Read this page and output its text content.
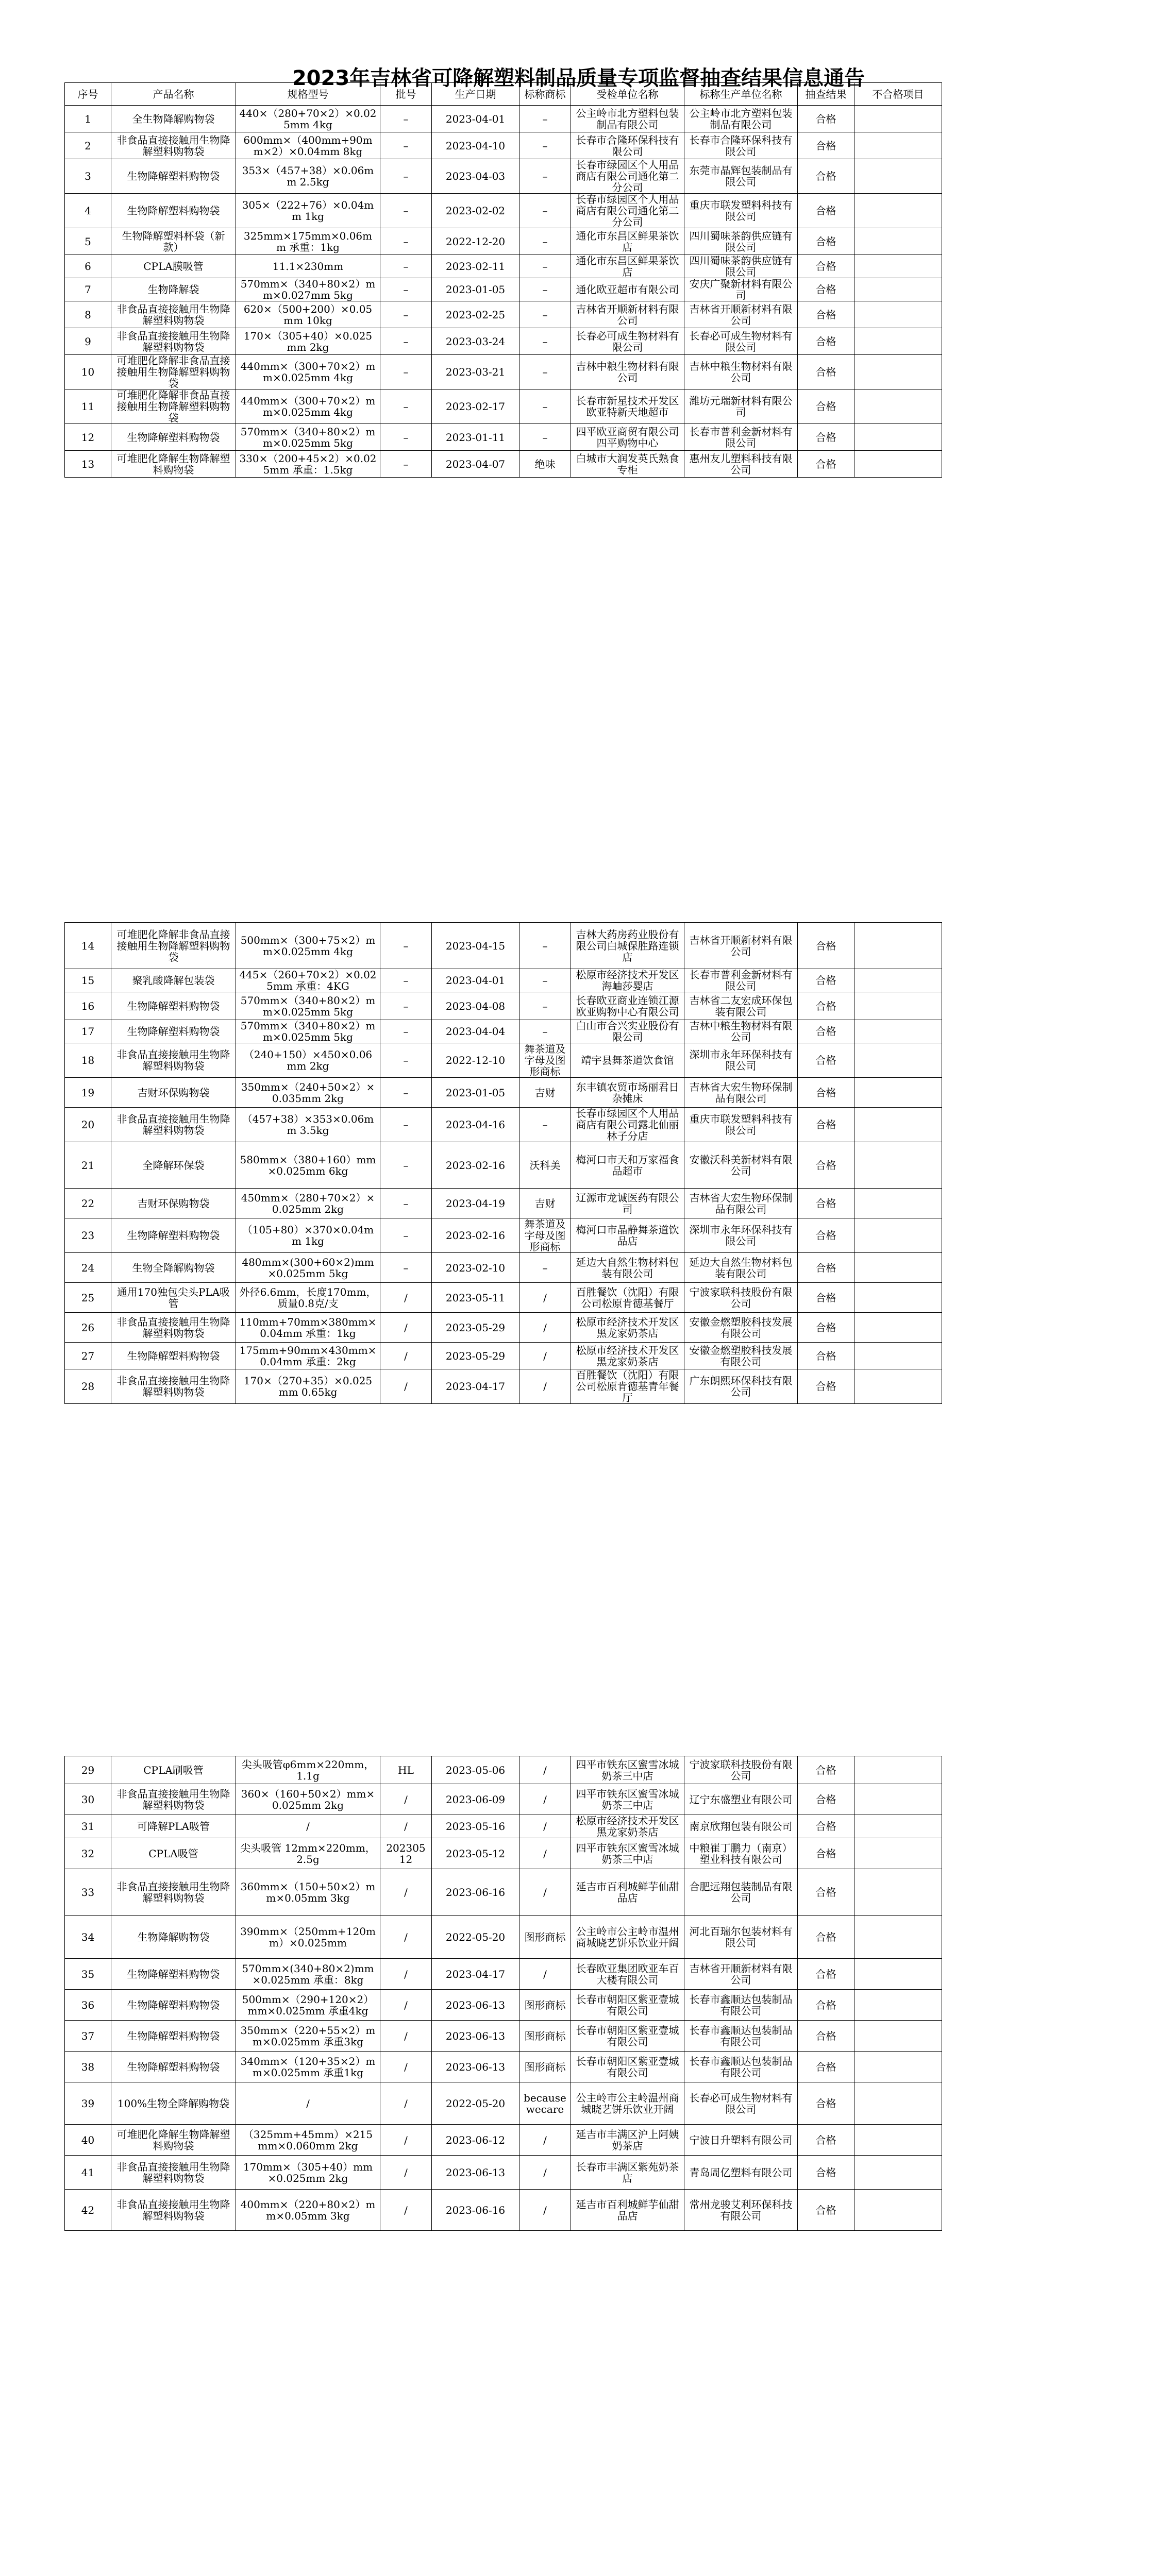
2023年吉林省可降解塑料制品质量专项监督抽查结果信息通告
序号	产品名称	规格型号	批号	生产日期	标称商标	受检单位名称	标称生产单位名称	抽查结果	不合格项目
1	全生物降解购物袋	440×（280+70×2）×0.025mm 4kg	–	2023-04-01	–	公主岭市北方塑料包装制品有限公司	公主岭市北方塑料包装制品有限公司	合格	
2	非食品直接接触用生物降解塑料购物袋	600mm×（400mm+90mm×2）×0.04mm 8kg	–	2023-04-10	–	长春市合隆环保科技有限公司	长春市合隆环保科技有限公司	合格	
3	生物降解塑料购物袋	353×（457+38）×0.06mm 2.5kg	–	2023-04-03	–	长春市绿园区个人用品商店有限公司通化第二分公司	东莞市晶辉包装制品有限公司	合格	
4	生物降解塑料购物袋	305×（222+76）×0.04mm 1kg	–	2023-02-02	–	长春市绿园区个人用品商店有限公司通化第二分公司	重庆市联发塑料科技有限公司	合格	
5	生物降解塑料杯袋（新款）	325mm×175mm×0.06mm 承重：1kg	–	2022-12-20	–	通化市东昌区鲜果茶饮店	四川蜀味茶韵供应链有限公司	合格	
6	CPLA膜吸管	11.1×230mm	–	2023-02-11	–	通化市东昌区鲜果茶饮店	四川蜀味茶韵供应链有限公司	合格	
7	生物降解袋	570mm×（340+80×2）mm×0.027mm 5kg	–	2023-01-05	–	通化欧亚超市有限公司	安庆广聚新材料有限公司	合格	
8	非食品直接接触用生物降解塑料购物袋	620×（500+200）×0.05mm 10kg	–	2023-02-25	–	吉林省开顺新材料有限公司	吉林省开顺新材料有限公司	合格	
9	非食品直接接触用生物降解塑料购物袋	170×（305+40）×0.025mm 2kg	–	2023-03-24	–	长春必可成生物材料有限公司	长春必可成生物材料有限公司	合格	
10	可堆肥化降解非食品直接接触用生物降解塑料购物袋	440mm×（300+70×2）mm×0.025mm 4kg	–	2023-03-21	–	吉林中粮生物材料有限公司	吉林中粮生物材料有限公司	合格	
11	可堆肥化降解非食品直接接触用生物降解塑料购物袋	440mm×（300+70×2）mm×0.025mm 4kg	–	2023-02-17	–	长春市新星技术开发区欧亚特新天地超市	潍坊元瑞新材料有限公司	合格	
12	生物降解塑料购物袋	570mm×（340+80×2）mm×0.025mm 5kg	–	2023-01-11	–	四平欧亚商贸有限公司四平购物中心	长春市普利金新材料有限公司	合格	
13	可堆肥化降解生物降解塑料购物袋	330×（200+45×2）×0.025mm 承重：1.5kg	–	2023-04-07	绝味	白城市大润发英氏熟食专柜	惠州友儿塑料科技有限公司	合格	
14	可堆肥化降解非食品直接接触用生物降解塑料购物袋	500mm×（300+75×2）mm×0.025mm 4kg	–	2023-04-15	–	吉林大药房药业股份有限公司白城保胜路连锁店	吉林省开顺新材料有限公司	合格	
15	聚乳酸降解包装袋	445×（260+70×2）×0.025mm 承重：4KG	–	2023-04-01	–	松原市经济技术开发区海岫莎婴店	长春市普利金新材料有限公司	合格	
16	生物降解塑料购物袋	570mm×（340+80×2）mm×0.025mm 5kg	–	2023-04-08	–	长春欧亚商业连锁江源欧亚购物中心有限公司	吉林省二友宏成环保包装有限公司	合格	
17	生物降解塑料购物袋	570mm×（340+80×2）mm×0.025mm 5kg	–	2023-04-04	–	白山市合兴实业股份有限公司	吉林中粮生物材料有限公司	合格	
18	非食品直接接触用生物降解塑料购物袋	（240+150）×450×0.06mm 2kg	–	2022-12-10	舞茶道及字母及图形商标	靖宇县舞茶道饮食馆	深圳市永年环保科技有限公司	合格	
19	吉财环保购物袋	350mm×（240+50×2）×0.035mm 2kg	–	2023-01-05	吉财	东丰镇农贸市场丽君日杂摊床	吉林省大宏生物环保制品有限公司	合格	
20	非食品直接接触用生物降解塑料购物袋	（457+38）×353×0.06mm 3.5kg	–	2023-04-16	–	长春市绿园区个人用品商店有限公司露北仙丽林子分店	重庆市联发塑料科技有限公司	合格	
21	全降解环保袋	580mm×（380+160）mm×0.025mm 6kg	–	2023-02-16	沃科美	梅河口市天和万家福食品超市	安徽沃科美新材料有限公司	合格	
22	吉财环保购物袋	450mm×（280+70×2）×0.025mm 2kg	–	2023-04-19	吉财	辽源市龙诚医药有限公司	吉林省大宏生物环保制品有限公司	合格	
23	生物降解塑料购物袋	（105+80）×370×0.04mm 1kg	–	2023-02-16	舞茶道及字母及图形商标	梅河口市晶静舞茶道饮品店	深圳市永年环保科技有限公司	合格	
24	生物全降解购物袋	480mm×(300+60×2)mm×0.025mm 5kg	–	2023-02-10	–	延边大自然生物材料包装有限公司	延边大自然生物材料包装有限公司	合格	
25	通用170独包尖头PLA吸管	外径6.6mm，长度170mm，质量0.8克/支	/	2023-05-11	/	百胜餐饮（沈阳）有限公司松原肯德基餐厅	宁波家联科技股份有限公司	合格	
26	非食品直接接触用生物降解塑料购物袋	110mm+70mm×380mm×0.04mm 承重：1kg	/	2023-05-29	/	松原市经济技术开发区黑龙家奶茶店	安徽金燃塑胶科技发展有限公司	合格	
27	生物降解塑料购物袋	175mm+90mm×430mm×0.04mm 承重：2kg	/	2023-05-29	/	松原市经济技术开发区黑龙家奶茶店	安徽金燃塑胶科技发展有限公司	合格	
28	非食品直接接触用生物降解塑料购物袋	170×（270+35）×0.025mm 0.65kg	/	2023-04-17	/	百胜餐饮（沈阳）有限公司松原肯德基青年餐厅	广东朗熙环保科技有限公司	合格	
29	CPLA刷吸管	尖头吸管φ6mm×220mm，1.1g	HL	2023-05-06	/	四平市铁东区蜜雪冰城奶茶三中店	宁波家联科技股份有限公司	合格	
30	非食品直接接触用生物降解塑料购物袋	360×（160+50×2）mm×0.025mm 2kg	/	2023-06-09	/	四平市铁东区蜜雪冰城奶茶三中店	辽宁东盛塑业有限公司	合格	
31	可降解PLA吸管	/	/	2023-05-16	/	松原市经济技术开发区黑龙家奶茶店	南京欣翔包装有限公司	合格	
32	CPLA吸管	尖头吸管 12mm×220mm，2.5g	20230512	2023-05-12	/	四平市铁东区蜜雪冰城奶茶三中店	中粮崔丁鹏力（南京）塑业科技有限公司	合格	
33	非食品直接接触用生物降解塑料购物袋	360mm×（150+50×2）mm×0.05mm 3kg	/	2023-06-16	/	延吉市百利城鲜芋仙甜品店	合肥远翔包装制品有限公司	合格	
34	生物降解购物袋	390mm×（250mm+120mm）×0.025mm	/	2022-05-20	图形商标	公主岭市公主岭市温州商城晓艺饼乐饮业开阔	河北百瑞尔包装材料有限公司	合格	
35	生物降解塑料购物袋	570mm×(340+80×2)mm×0.025mm 承重：8kg	/	2023-04-17	/	长春欧亚集团欧亚车百大楼有限公司	吉林省开顺新材料有限公司	合格	
36	生物降解塑料购物袋	500mm×（290+120×2）mm×0.025mm 承重4kg	/	2023-06-13	图形商标	长春市朝阳区紫亚壹城有限公司	长春市鑫顺达包装制品有限公司	合格	
37	生物降解塑料购物袋	350mm×（220+55×2）mm×0.025mm 承重3kg	/	2023-06-13	图形商标	长春市朝阳区紫亚壹城有限公司	长春市鑫顺达包装制品有限公司	合格	
38	生物降解塑料购物袋	340mm×（120+35×2）mm×0.025mm 承重1kg	/	2023-06-13	图形商标	长春市朝阳区紫亚壹城有限公司	长春市鑫顺达包装制品有限公司	合格	
39	100%生物全降解购物袋	/	/	2022-05-20	becausewecare	公主岭市公主岭温州商城晓艺饼乐饮业开阔	长春必可成生物材料有限公司	合格	
40	可堆肥化降解生物降解塑料购物袋	（325mm+45mm）×215mm×0.060mm 2kg	/	2023-06-12	/	延吉市丰满区沪上阿姨奶茶店	宁波日升塑料有限公司	合格	
41	非食品直接接触用生物降解塑料购物袋	170mm×（305+40）mm×0.025mm 2kg	/	2023-06-13	/	长春市丰满区紫苑奶茶店	青岛周亿塑料有限公司	合格	
42	非食品直接接触用生物降解塑料购物袋	400mm×（220+80×2）mm×0.05mm 3kg	/	2023-06-16	/	延吉市百利城鲜芋仙甜品店	常州龙骏艾利环保科技有限公司	合格	
